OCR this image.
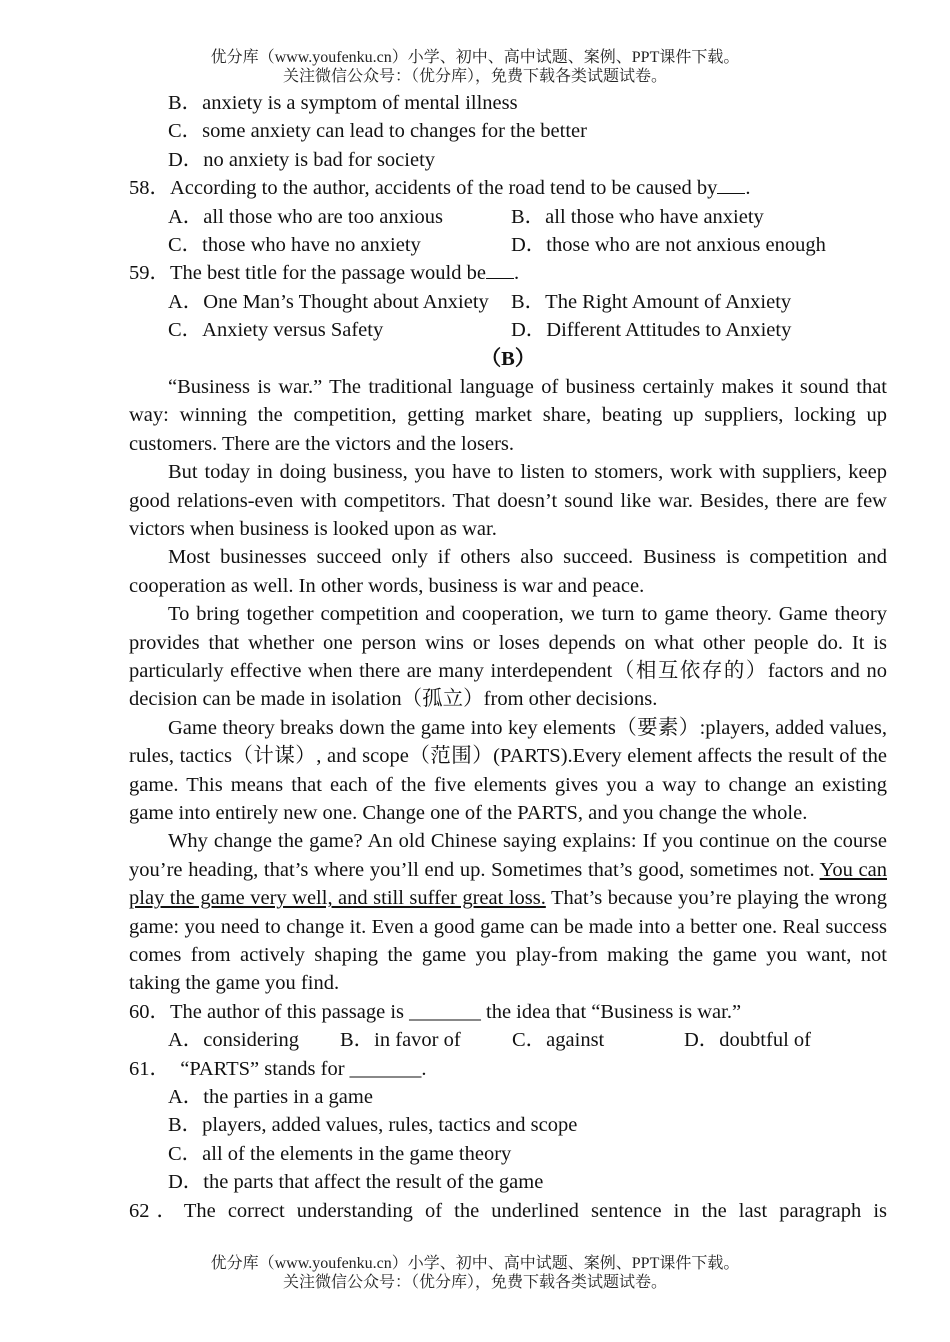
优分库（www.youfenku.cn）小学、初中、高中试题、案例、PPT课件下载。
关注微信公众号：（优分库），免费下载各类试题试卷。
B．anxiety is a symptom of mental illness
C．some anxiety can lead to changes for the better
D．no anxiety is bad for society
58．According to the author, accidents of the road tend to be caused by .
A．all those who are too anxious	B．all those who have anxiety
C．those who have no anxiety	D．those who are not anxious enough
59．The best title for the passage would be .
A．One Man’s Thought about Anxiety	B．The Right Amount of Anxiety
C．Anxiety versus Safety	D．Different Attitudes to Anxiety
（B）
“Business is war.” The traditional language of business certainly makes it sound that way: winning the competition, getting market share, beating up suppliers, locking up customers. There are the victors and the losers.
But today in doing business, you have to listen to stomers, work with suppliers, keep good relations-even with competitors. That doesn’t sound like war. Besides, there are few victors when business is looked upon as war.
Most businesses succeed only if others also succeed. Business is competition and cooperation as well. In other words, business is war and peace.
To bring together competition and cooperation, we turn to game theory. Game theory provides that whether one person wins or loses depends on what other people do. It is particularly effective when there are many interdependent（相互依存的）factors and no decision can be made in isolation（孤立）from other decisions.
Game theory breaks down the game into key elements（要素）:players, added values, rules, tactics（计谋）, and scope（范围）(PARTS).Every element affects the result of the game. This means that each of the five elements gives you a way to change an existing game into entirely new one. Change one of the PARTS, and you change the whole.
Why change the game? An old Chinese saying explains: If you continue on the course you’re heading, that’s where you’ll end up. Sometimes that’s good, sometimes not. You can play the game very well, and still suffer great loss. That’s because you’re playing the wrong game: you need to change it. Even a good game can be made into a better one. Real success comes from actively shaping the game you play-from making the game you want, not taking the game you find.
60．The author of this passage is _______ the idea that “Business is war.”
A．considering	B．in favor of	C．against	D．doubtful of
61．  “PARTS” stands for _______.
A．the parties in a game
B．players, added values, rules, tactics and scope
C．all of the elements in the game theory
D．the parts that affect the result of the game
62．The correct understanding of the underlined sentence in the last paragraph is
优分库（www.youfenku.cn）小学、初中、高中试题、案例、PPT课件下载。
关注微信公众号：（优分库），免费下载各类试题试卷。
